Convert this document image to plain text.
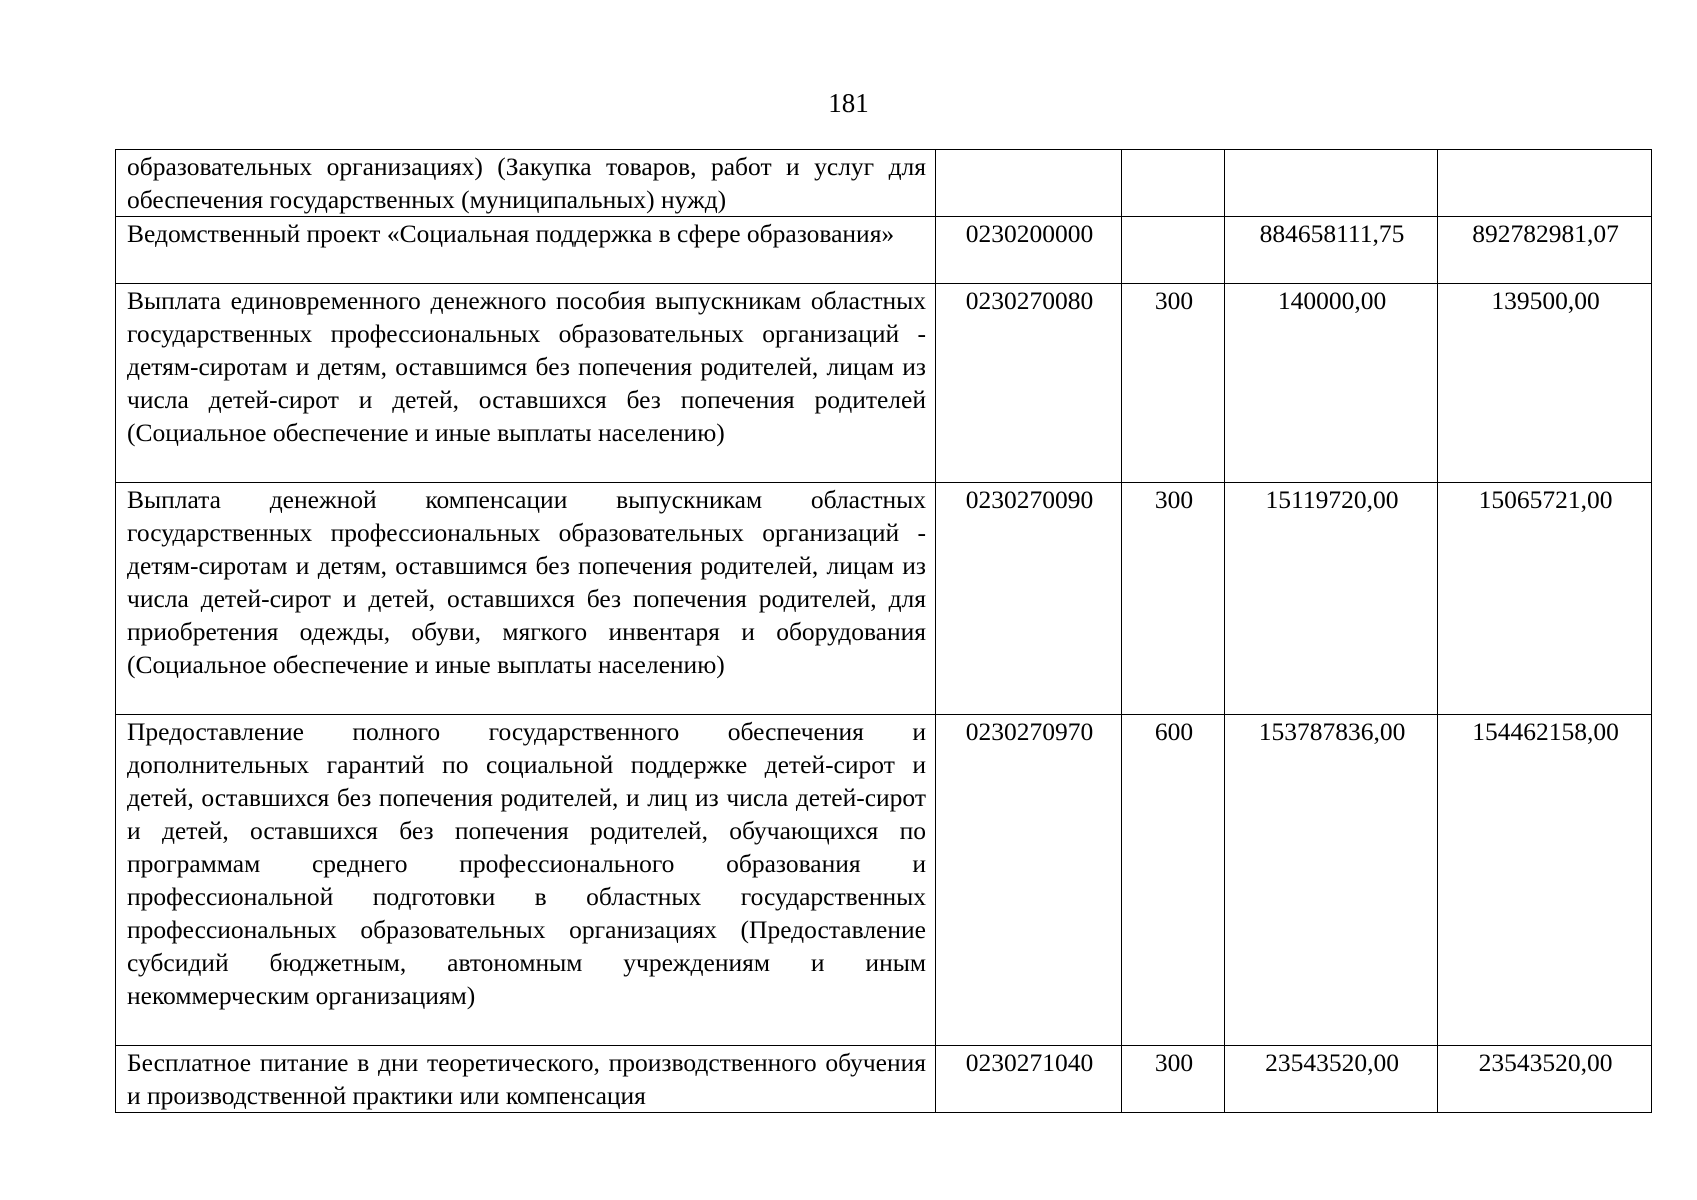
181
образовательных организациях) (Закупка товаров, работ и услуг для обеспечения государственных (муниципальных) нужд)				
Ведомственный проект «Социальная поддержка в сфере образования»	0230200000		884658111,75	892782981,07
Выплата единовременного денежного пособия выпускникам областных государственных профессиональных образовательных организаций - детям-сиротам и детям, оставшимся без попечения родителей, лицам из числа детей-сирот и детей, оставшихся без попечения родителей (Социальное обеспечение и иные выплаты населению)	0230270080	300	140000,00	139500,00
Выплата денежной компенсации выпускникам областных государственных профессиональных образовательных организаций - детям-сиротам и детям, оставшимся без попечения родителей, лицам из числа детей-сирот и детей, оставшихся без попечения родителей, для приобретения одежды, обуви, мягкого инвентаря и оборудования (Социальное обеспечение и иные выплаты населению)	0230270090	300	15119720,00	15065721,00
Предоставление полного государственного обеспечения и дополнительных гарантий по социальной поддержке детей-сирот и детей, оставшихся без попечения родителей, и лиц из числа детей-сирот и детей, оставшихся без попечения родителей, обучающихся по программам среднего профессионального образования и профессиональной подготовки в областных государственных профессиональных образовательных организациях (Предоставление субсидий бюджетным, автономным учреждениям и иным некоммерческим организациям)	0230270970	600	153787836,00	154462158,00
Бесплатное питание в дни теоретического, производственного обучения и производственной практики или компенсация	0230271040	300	23543520,00	23543520,00
